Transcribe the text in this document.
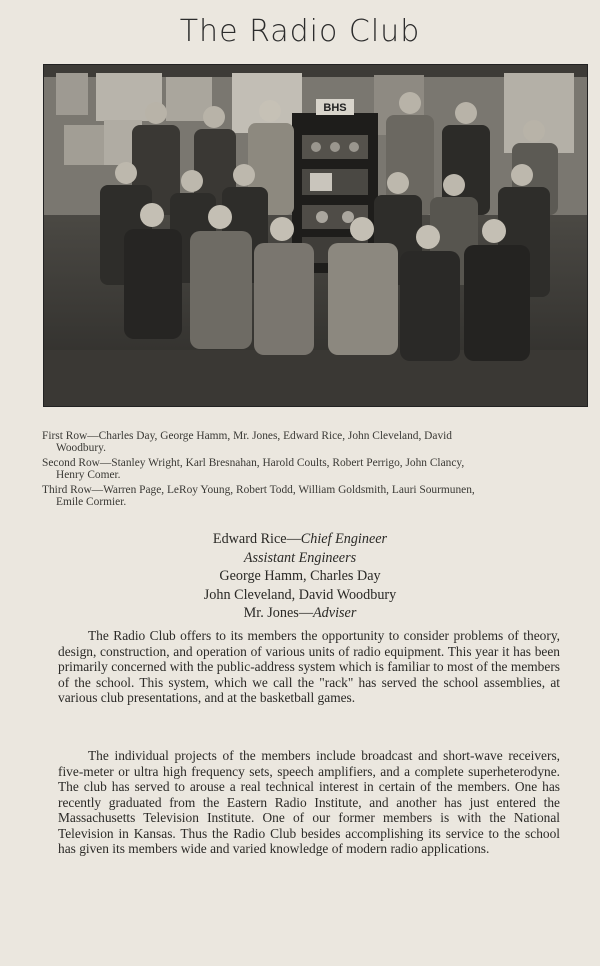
The Radio Club
BHS
First Row—Charles Day, George Hamm, Mr. Jones, Edward Rice, John Cleveland, David
Woodbury.
Second Row—Stanley Wright, Karl Bresnahan, Harold Coults, Robert Perrigo, John Clancy,
Henry Comer.
Third Row—Warren Page, LeRoy Young, Robert Todd, William Goldsmith, Lauri Sourmunen,
Emile Cormier.
Edward Rice—Chief Engineer
Assistant Engineers
George Hamm, Charles Day
John Cleveland, David Woodbury
Mr. Jones—Adviser

The Radio Club offers to its members the opportunity to consider problems of theory, design, construction, and operation of various units of radio equipment. This year it has been primarily concerned with the public-address system which is familiar to most of the members of the school. This system, which we call the "rack" has served the school assemblies, at various club presentations, and at the basketball games.

The individual projects of the members include broadcast and short-wave receivers, five-meter or ultra high frequency sets, speech amplifiers, and a complete superheterodyne. The club has served to arouse a real technical interest in certain of the members. One has recently graduated from the Eastern Radio Institute, and another has just entered the Massachusetts Television Institute. One of our former members is with the National Television in Kansas. Thus the Radio Club besides accomplishing its service to the school has given its members wide and varied knowledge of modern radio applications.
